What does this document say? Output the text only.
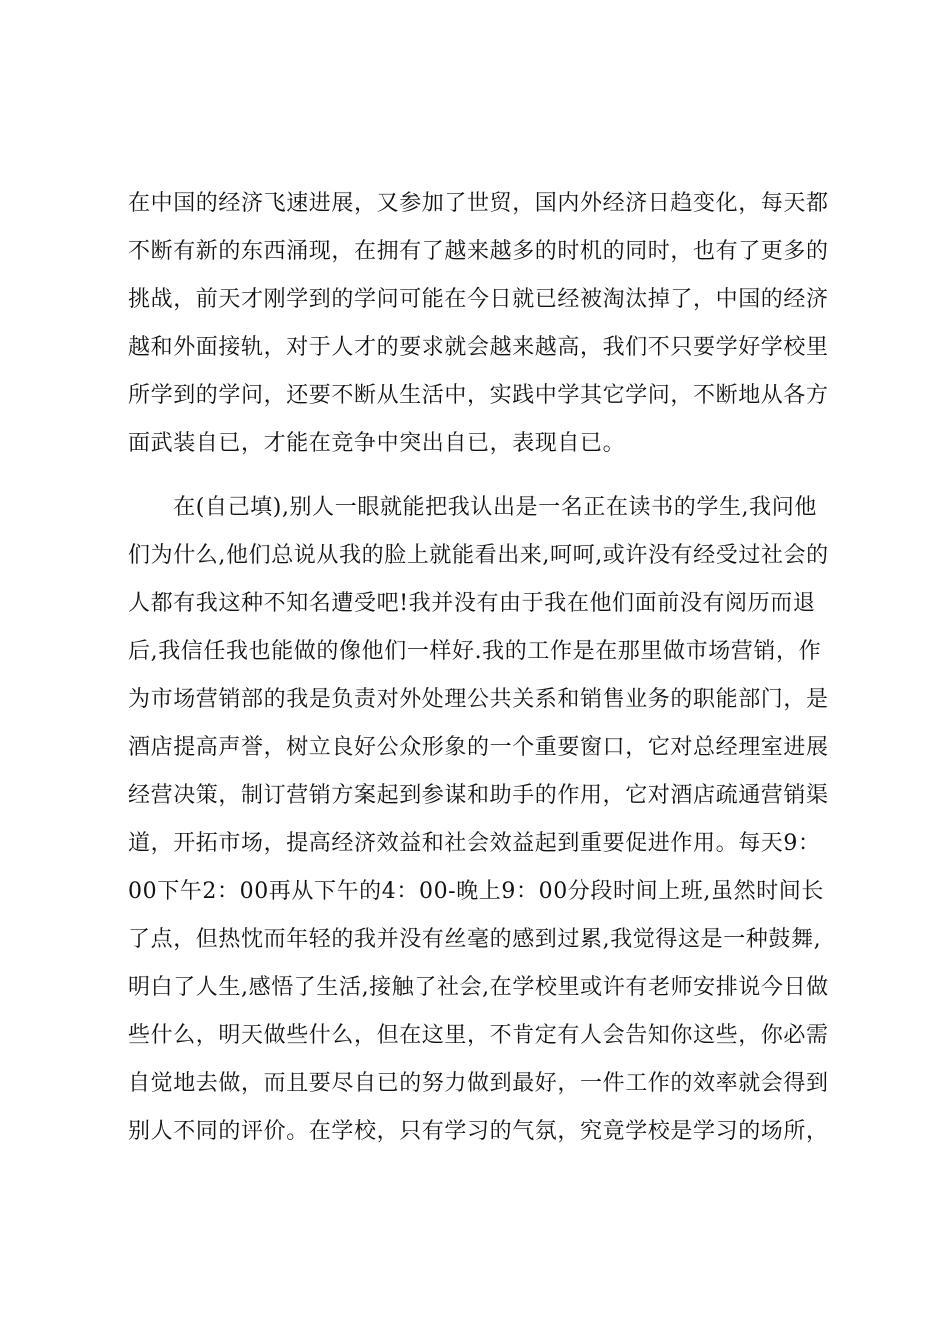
在中国的经济飞速进展，又参加了世贸，国内外经济日趋变化，每天都
不断有新的东西涌现，在拥有了越来越多的时机的同时，也有了更多的
挑战，前天才刚学到的学问可能在今日就已经被淘汰掉了，中国的经济
越和外面接轨，对于人才的要求就会越来越高，我们不只要学好学校里
所学到的学问，还要不断从生活中，实践中学其它学问，不断地从各方
面武装自已，才能在竞争中突出自已，表现自已。
　　在(自己填),别人一眼就能把我认出是一名正在读书的学生,我问他
们为什么,他们总说从我的脸上就能看出来,呵呵,或许没有经受过社会的
人都有我这种不知名遭受吧!我并没有由于我在他们面前没有阅历而退
后,我信任我也能做的像他们一样好.我的工作是在那里做市场营销，作
为市场营销部的我是负责对外处理公共关系和销售业务的职能部门，是
酒店提高声誉，树立良好公众形象的一个重要窗口，它对总经理室进展
经营决策，制订营销方案起到参谋和助手的作用，它对酒店疏通营销渠
道，开拓市场，提高经济效益和社会效益起到重要促进作用。每天9：
00下午2：00再从下午的4：00-晚上9：00分段时间上班,虽然时间长
了点，但热忱而年轻的我并没有丝毫的感到过累,我觉得这是一种鼓舞,
明白了人生,感悟了生活,接触了社会,在学校里或许有老师安排说今日做
些什么，明天做些什么，但在这里，不肯定有人会告知你这些，你必需
自觉地去做，而且要尽自已的努力做到最好，一件工作的效率就会得到
别人不同的评价。在学校，只有学习的气氛，究竟学校是学习的场所，
